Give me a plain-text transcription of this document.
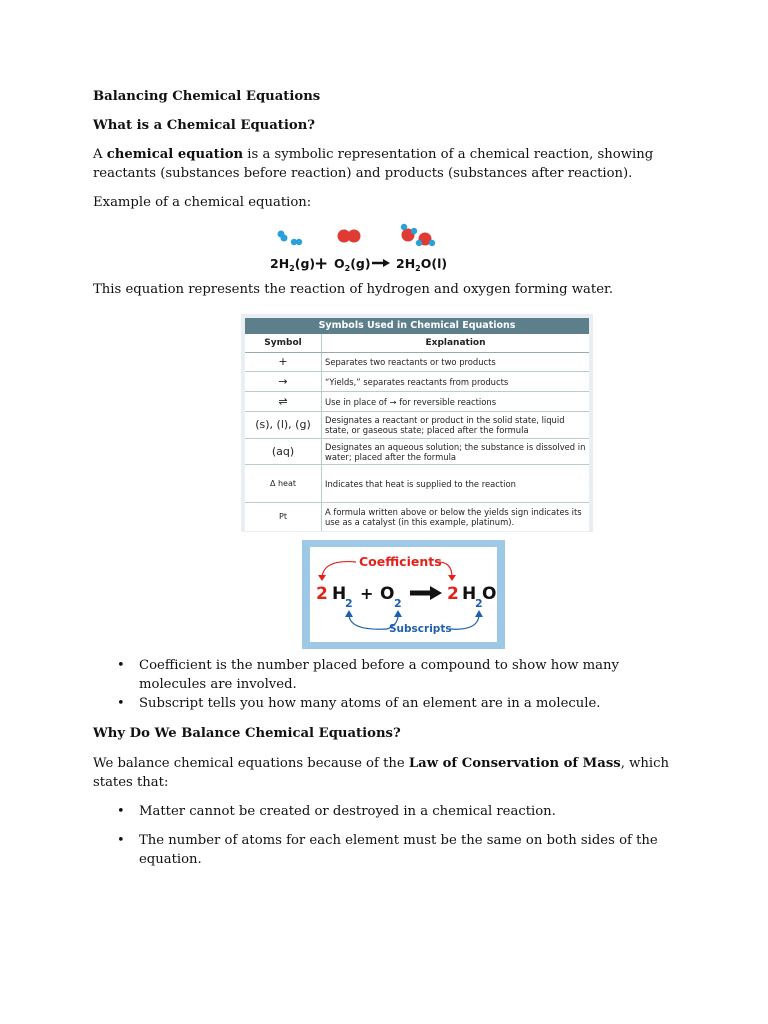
Balancing Chemical Equations

What is a Chemical Equation?

A chemical equation is a symbolic representation of a chemical reaction, showing reactants (substances before reaction) and products (substances after reaction).

Example of a chemical equation:

This equation represents the reaction of hydrogen and oxygen forming water.

• Coefficient is the number placed before a compound to show how many molecules are involved.
• Subscript tells you how many atoms of an element are in a molecule.

Why Do We Balance Chemical Equations?

We balance chemical equations because of the Law of Conservation of Mass, which states that:

• Matter cannot be created or destroyed in a chemical reaction.
• The number of atoms for each element must be the same on both sides of the equation.
$2H_2(g)$
+ $O_2(g)$ $2H_2O(l)$
Symbols Used in Chemical Equations
Symbol	Explanation
+	Separates two reactants or two products
→	“Yields,” separates reactants from products
⇌	Use in place of → for reversible reactions
(s), (l), (g)	Designates a reactant or product in the solid state, liquid state, or gaseous state; placed after the formula
(aq)	Designates an aqueous solution; the substance is dissolved in water; placed after the formula
Δ heat	Indicates that heat is supplied to the reaction
Pt	A formula written above or below the yields sign indicates its use as a catalyst (in this example, platinum).
Coefficients
Subscripts
2 H
2
+ O 2	2 H
2 O
